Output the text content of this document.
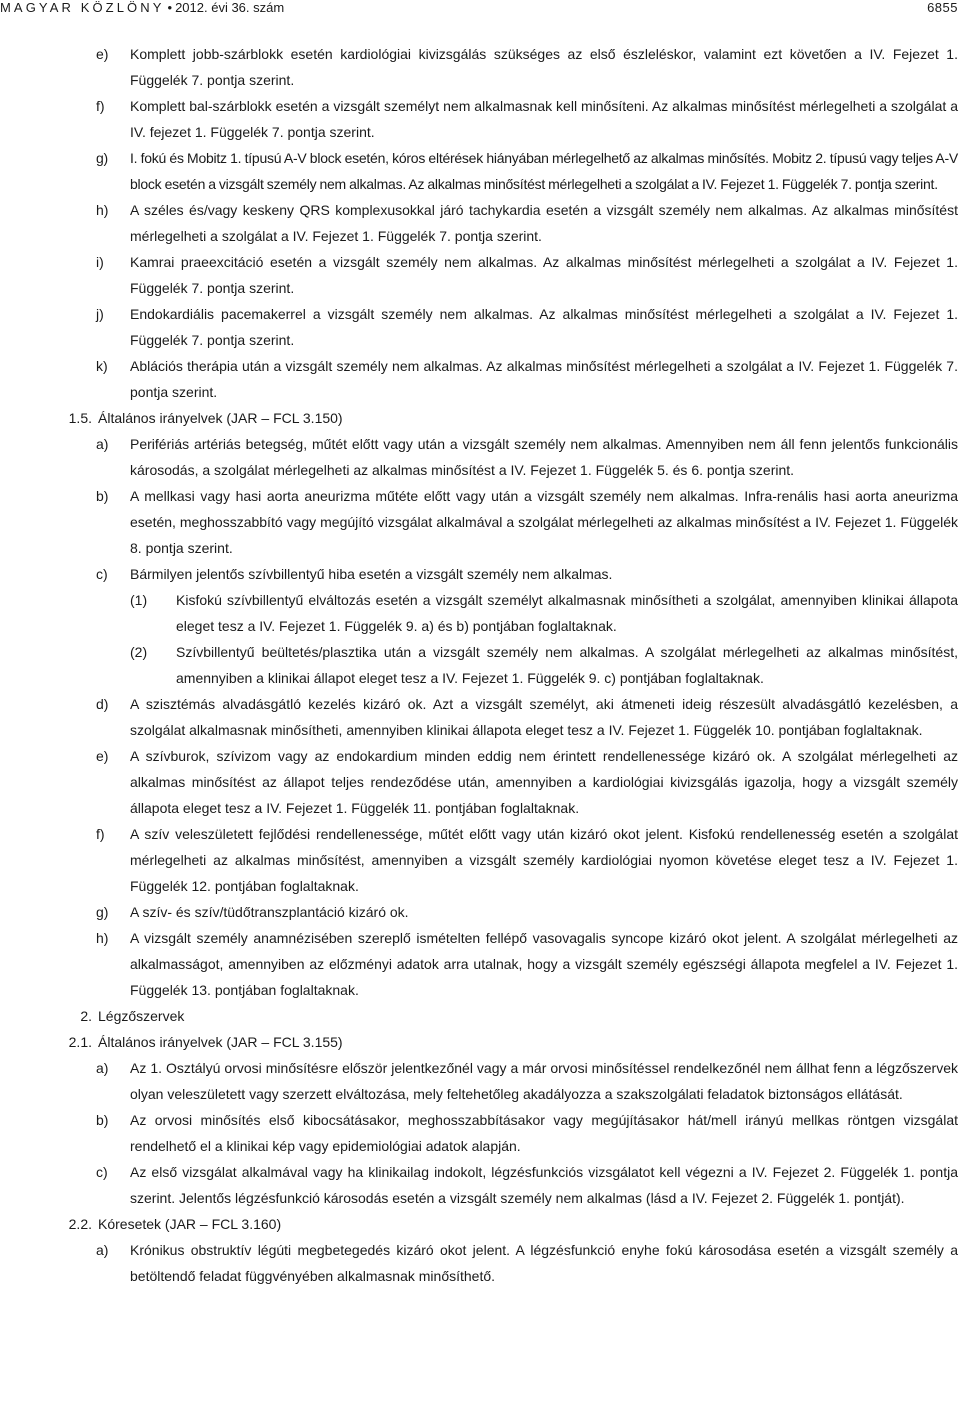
MAGYAR KÖZLÖNY • 2012. évi 36. szám	6855
e) Komplett jobb-szárblokk esetén kardiológiai kivizsgálás szükséges az első észleléskor, valamint ezt követően a IV. Fejezet 1. Függelék 7. pontja szerint.
f) Komplett bal-szárblokk esetén a vizsgált személyt nem alkalmasnak kell minősíteni. Az alkalmas minősítést mérlegelheti a szolgálat a IV. fejezet 1. Függelék 7. pontja szerint.
g) I. fokú és Mobitz 1. típusú A-V block esetén, kóros eltérések hiányában mérlegelhető az alkalmas minősítés. Mobitz 2. típusú vagy teljes A-V block esetén a vizsgált személy nem alkalmas. Az alkalmas minősítést mérlegelheti a szolgálat a IV. Fejezet 1. Függelék 7. pontja szerint.
h) A széles és/vagy keskeny QRS komplexusokkal járó tachykardia esetén a vizsgált személy nem alkalmas. Az alkalmas minősítést mérlegelheti a szolgálat a IV. Fejezet 1. Függelék 7. pontja szerint.
i) Kamrai praeexcitáció esetén a vizsgált személy nem alkalmas. Az alkalmas minősítést mérlegelheti a szolgálat a IV. Fejezet 1. Függelék 7. pontja szerint.
j) Endokardiális pacemakerrel a vizsgált személy nem alkalmas. Az alkalmas minősítést mérlegelheti a szolgálat a IV. Fejezet 1. Függelék 7. pontja szerint.
k) Ablációs therápia után a vizsgált személy nem alkalmas. Az alkalmas minősítést mérlegelheti a szolgálat a IV. Fejezet 1. Függelék 7. pontja szerint.
1.5. Általános irányelvek (JAR – FCL 3.150)
a) Perifériás artériás betegség, műtét előtt vagy után a vizsgált személy nem alkalmas. Amennyiben nem áll fenn jelentős funkcionális károsodás, a szolgálat mérlegelheti az alkalmas minősítést a IV. Fejezet 1. Függelék 5. és 6. pontja szerint.
b) A mellkasi vagy hasi aorta aneurizma műtéte előtt vagy után a vizsgált személy nem alkalmas. Infra-renális hasi aorta aneurizma esetén, meghosszabbító vagy megújító vizsgálat alkalmával a szolgálat mérlegelheti az alkalmas minősítést a IV. Fejezet 1. Függelék 8. pontja szerint.
c) Bármilyen jelentős szívbillentyű hiba esetén a vizsgált személy nem alkalmas.
(1) Kisfokú szívbillentyű elváltozás esetén a vizsgált személyt alkalmasnak minősítheti a szolgálat, amennyiben klinikai állapota eleget tesz a IV. Fejezet 1. Függelék 9. a) és b) pontjában foglaltaknak.
(2) Szívbillentyű beültetés/plasztika után a vizsgált személy nem alkalmas. A szolgálat mérlegelheti az alkalmas minősítést, amennyiben a klinikai állapot eleget tesz a IV. Fejezet 1. Függelék 9. c) pontjában foglaltaknak.
d) A szisztémás alvadásgátló kezelés kizáró ok. Azt a vizsgált személyt, aki átmeneti ideig részesült alvadásgátló kezelésben, a szolgálat alkalmasnak minősítheti, amennyiben klinikai állapota eleget tesz a IV. Fejezet 1. Függelék 10. pontjában foglaltaknak.
e) A szívburok, szívizom vagy az endokardium minden eddig nem érintett rendellenessége kizáró ok. A szolgálat mérlegelheti az alkalmas minősítést az állapot teljes rendeződése után, amennyiben a kardiológiai kivizsgálás igazolja, hogy a vizsgált személy állapota eleget tesz a IV. Fejezet 1. Függelék 11. pontjában foglaltaknak.
f) A szív veleszületett fejlődési rendellenessége, műtét előtt vagy után kizáró okot jelent. Kisfokú rendellenesség esetén a szolgálat mérlegelheti az alkalmas minősítést, amennyiben a vizsgált személy kardiológiai nyomon követése eleget tesz a IV. Fejezet 1. Függelék 12. pontjában foglaltaknak.
g) A szív- és szív/tüdőtranszplantáció kizáró ok.
h) A vizsgált személy anamnézisében szereplő ismételten fellépő vasovagalis syncope kizáró okot jelent. A szolgálat mérlegelheti az alkalmasságot, amennyiben az előzményi adatok arra utalnak, hogy a vizsgált személy egészségi állapota megfelel a IV. Fejezet 1. Függelék 13. pontjában foglaltaknak.
2. Légzőszervek
2.1. Általános irányelvek (JAR – FCL 3.155)
a) Az 1. Osztályú orvosi minősítésre először jelentkezőnél vagy a már orvosi minősítéssel rendelkezőnél nem állhat fenn a légzőszervek olyan veleszületett vagy szerzett elváltozása, mely feltehetőleg akadályozza a szakszolgálati feladatok biztonságos ellátását.
b) Az orvosi minősítés első kibocsátásakor, meghosszabbításakor vagy megújításakor hát/mell irányú mellkas röntgen vizsgálat rendelhető el a klinikai kép vagy epidemiológiai adatok alapján.
c) Az első vizsgálat alkalmával vagy ha klinikailag indokolt, légzésfunkciós vizsgálatot kell végezni a IV. Fejezet 2. Függelék 1. pontja szerint. Jelentős légzésfunkció károsodás esetén a vizsgált személy nem alkalmas (lásd a IV. Fejezet 2. Függelék 1. pontját).
2.2. Kóresetek (JAR – FCL 3.160)
a) Krónikus obstruktív légúti megbetegedés kizáró okot jelent. A légzésfunkció enyhe fokú károsodása esetén a vizsgált személy a betöltendő feladat függvényében alkalmasnak minősíthető.
